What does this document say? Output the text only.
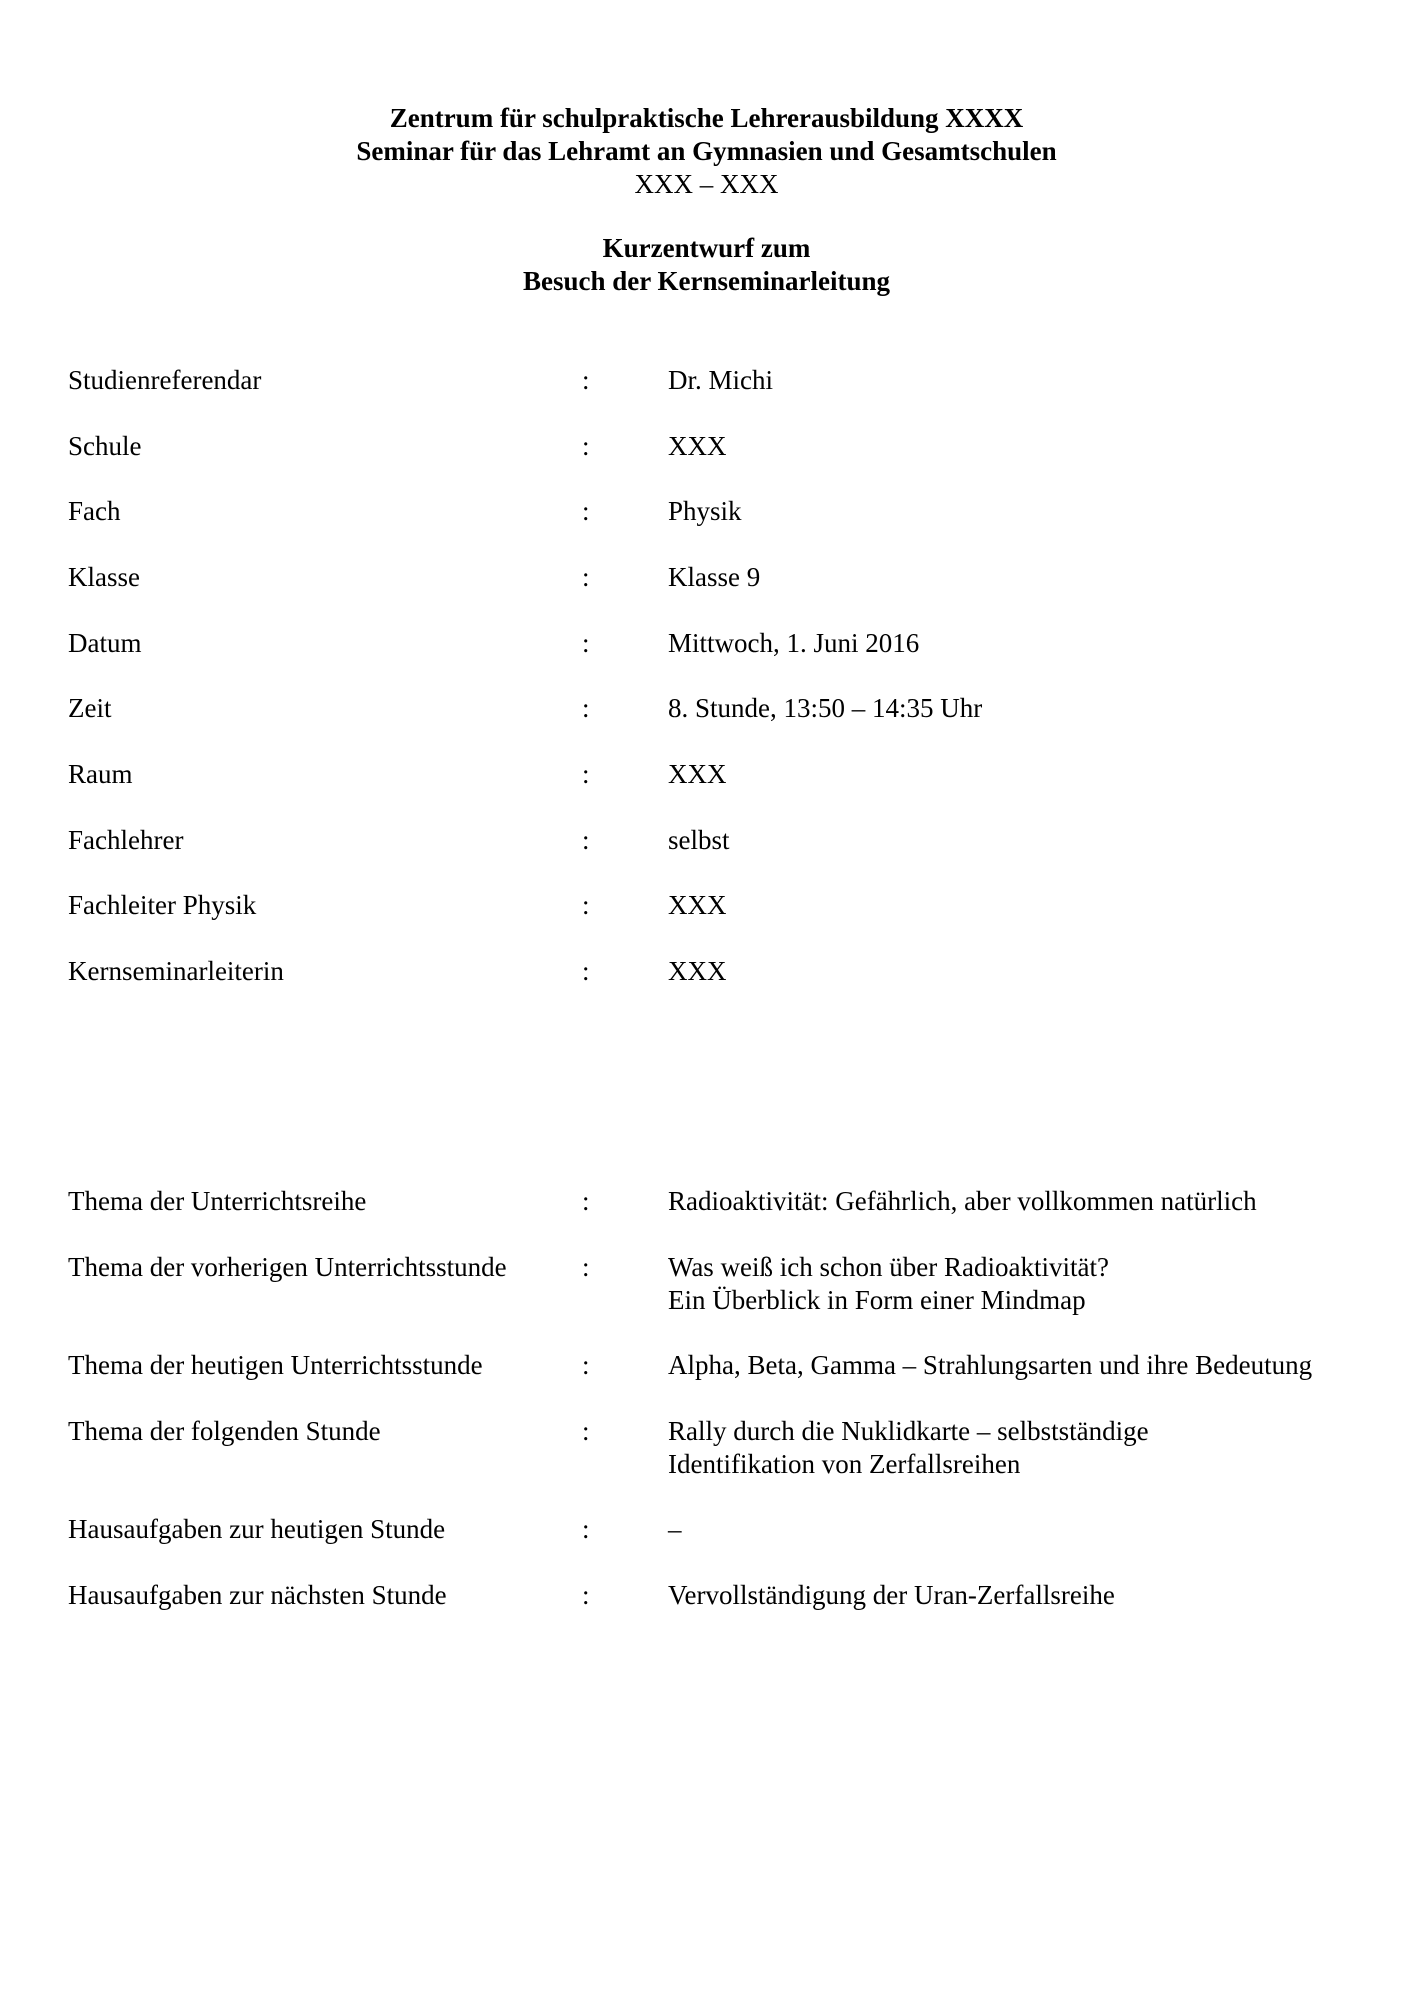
Zentrum für schulpraktische Lehrerausbildung XXXX
Seminar für das Lehramt an Gymnasien und Gesamtschulen
XXX – XXX
Kurzentwurf zum
Besuch der Kernseminarleitung
Studienreferendar	:	Dr. Michi
Schule	:	XXX
Fach	:	Physik
Klasse	:	Klasse 9
Datum	:	Mittwoch, 1. Juni 2016
Zeit	:	8. Stunde, 13:50 – 14:35 Uhr
Raum	:	XXX
Fachlehrer	:	selbst
Fachleiter Physik	:	XXX
Kernseminarleiterin	:	XXX
Thema der Unterrichtsreihe	:	Radioaktivität: Gefährlich, aber vollkommen natürlich
Thema der vorherigen Unterrichtsstunde	:	Was weiß ich schon über Radioaktivität?
Ein Überblick in Form einer Mindmap
Thema der heutigen Unterrichtsstunde	:	Alpha, Beta, Gamma – Strahlungsarten und ihre Bedeutung
Thema der folgenden Stunde	:	Rally durch die Nuklidkarte – selbstständige
Identifikation von Zerfallsreihen
Hausaufgaben zur heutigen Stunde	:	–
Hausaufgaben zur nächsten Stunde	:	Vervollständigung der Uran-Zerfallsreihe
